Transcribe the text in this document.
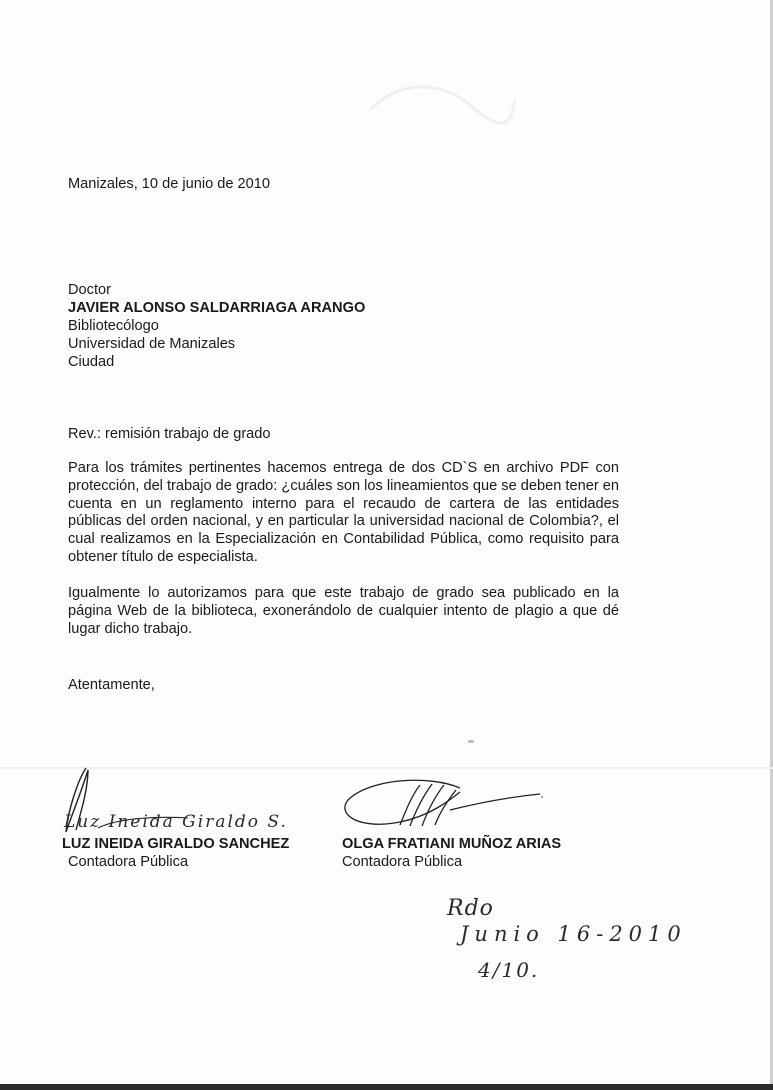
Manizales, 10 de junio de 2010
Doctor
JAVIER ALONSO SALDARRIAGA ARANGO
Bibliotecólogo
Universidad de Manizales
Ciudad
Rev.: remisión trabajo de grado
Para los trámites pertinentes hacemos entrega de dos CD`S en archivo PDF con protección, del trabajo de grado: ¿cuáles son los lineamientos que se deben tener en cuenta en un reglamento interno para el recaudo de cartera de las entidades públicas del orden nacional, y en particular la universidad nacional de Colombia?, el cual realizamos en la Especialización en Contabilidad Pública, como requisito para obtener título de especialista.
Igualmente lo autorizamos para que este trabajo de grado sea publicado en la página Web de la biblioteca, exonerándolo de cualquier intento de plagio a que dé lugar dicho trabajo.
Atentamente,
Luz Ineida Giraldo S.
LUZ INEIDA GIRALDO SANCHEZ
Contadora Pública
OLGA FRATIANI MUÑOZ ARIAS
Contadora Pública
Rdo
Junio 16-2010
4/10.
